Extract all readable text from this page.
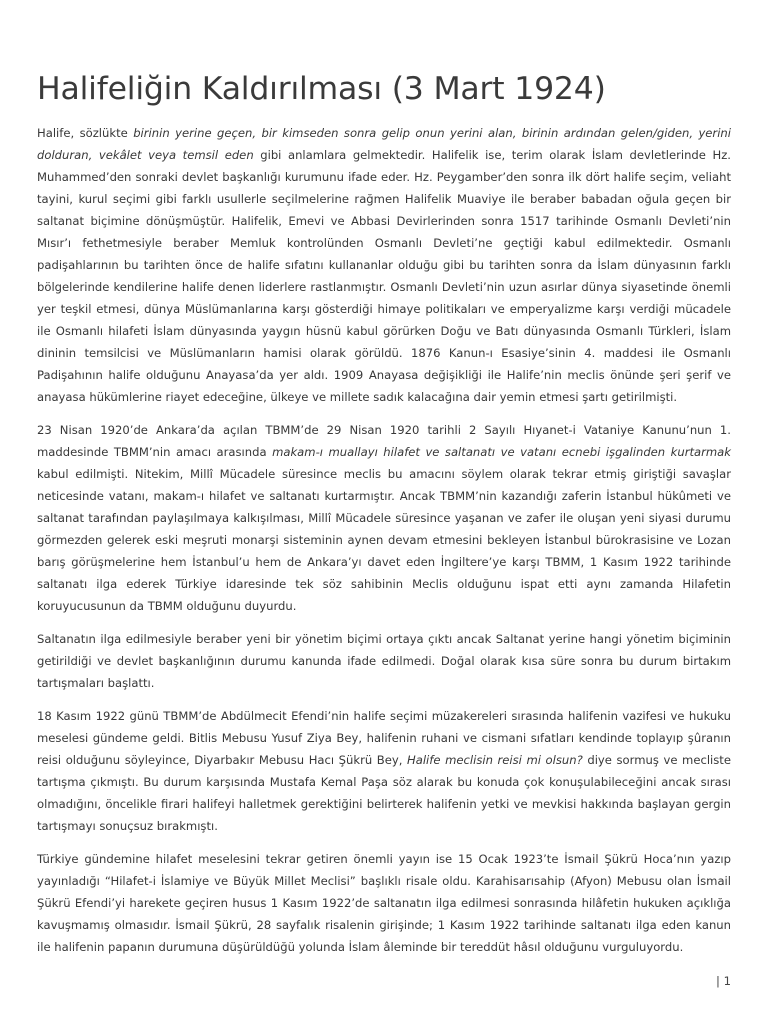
Halifeliğin Kaldırılması (3 Mart 1924)

Halife, sözlükte birinin yerine geçen, bir kimseden sonra gelip onun yerini alan, birinin ardından gelen/giden, yerini dolduran, vekâlet veya temsil eden gibi anlamlara gelmektedir. Halifelik ise, terim olarak İslam devletlerinde Hz. Muhammed’den sonraki devlet başkanlığı kurumunu ifade eder. Hz. Peygamber’den sonra ilk dört halife seçim, veliaht tayini, kurul seçimi gibi farklı usullerle seçilmelerine rağmen Halifelik Muaviye ile beraber babadan oğula geçen bir saltanat biçimine dönüşmüştür. Halifelik, Emevi ve Abbasi Devirlerinden sonra 1517 tarihinde Osmanlı Devleti’nin Mısır’ı fethetmesiyle beraber Memluk kontrolünden Osmanlı Devleti’ne geçtiği kabul edilmektedir. Osmanlı padişahlarının bu tarihten önce de halife sıfatını kullananlar olduğu gibi bu tarihten sonra da İslam dünyasının farklı bölgelerinde kendilerine halife denen liderlere rastlanmıştır. Osmanlı Devleti’nin uzun asırlar dünya siyasetinde önemli yer teşkil etmesi, dünya Müslümanlarına karşı gösterdiği himaye politikaları ve emperyalizme karşı verdiği mücadele ile Osmanlı hilafeti İslam dünyasında yaygın hüsnü kabul görürken Doğu ve Batı dünyasında Osmanlı Türkleri, İslam dininin temsilcisi ve Müslümanların hamisi olarak görüldü. 1876 Kanun-ı Esasiye’sinin 4. maddesi ile Osmanlı Padişahının halife olduğunu Anayasa’da yer aldı. 1909 Anayasa değişikliği ile Halife’nin meclis önünde şeri şerif ve anayasa hükümlerine riayet edeceğine, ülkeye ve millete sadık kalacağına dair yemin etmesi şartı getirilmişti.

23 Nisan 1920’de Ankara’da açılan TBMM’de 29 Nisan 1920 tarihli 2 Sayılı Hıyanet-i Vataniye Kanunu’nun 1. maddesinde TBMM’nin amacı arasında makam-ı muallayı hilafet ve saltanatı ve vatanı ecnebi işgalinden kurtarmak kabul edilmişti. Nitekim, Millî Mücadele süresince meclis bu amacını söylem olarak tekrar etmiş giriştiği savaşlar neticesinde vatanı, makam-ı hilafet ve saltanatı kurtarmıştır. Ancak TBMM’nin kazandığı zaferin İstanbul hükûmeti ve saltanat tarafından paylaşılmaya kalkışılması, Millî Mücadele süresince yaşanan ve zafer ile oluşan yeni siyasi durumu görmezden gelerek eski meşruti monarşi sisteminin aynen devam etmesini bekleyen İstanbul bürokrasisine ve Lozan barış görüşmelerine hem İstanbul’u hem de Ankara’yı davet eden İngiltere’ye karşı TBMM, 1 Kasım 1922 tarihinde saltanatı ilga ederek Türkiye idaresinde tek söz sahibinin Meclis olduğunu ispat etti aynı zamanda Hilafetin koruyucusunun da TBMM olduğunu duyurdu.

Saltanatın ilga edilmesiyle beraber yeni bir yönetim biçimi ortaya çıktı ancak Saltanat yerine hangi yönetim biçiminin getirildiği ve devlet başkanlığının durumu kanunda ifade edilmedi. Doğal olarak kısa süre sonra bu durum birtakım tartışmaları başlattı.

18 Kasım 1922 günü TBMM’de Abdülmecit Efendi’nin halife seçimi müzakereleri sırasında halifenin vazifesi ve hukuku meselesi gündeme geldi. Bitlis Mebusu Yusuf Ziya Bey, halifenin ruhani ve cismani sıfatları kendinde toplayıp şûranın reisi olduğunu söyleyince, Diyarbakır Mebusu Hacı Şükrü Bey, Halife meclisin reisi mi olsun? diye sormuş ve mecliste tartışma çıkmıştı. Bu durum karşısında Mustafa Kemal Paşa söz alarak bu konuda çok konuşulabileceğini ancak sırası olmadığını, öncelikle firari halifeyi halletmek gerektiğini belirterek halifenin yetki ve mevkisi hakkında başlayan gergin tartışmayı sonuçsuz bırakmıştı.

Türkiye gündemine hilafet meselesini tekrar getiren önemli yayın ise 15 Ocak 1923’te İsmail Şükrü Hoca’nın yazıp yayınladığı “Hilafet-i İslamiye ve Büyük Millet Meclisi” başlıklı risale oldu. Karahisarısahip (Afyon) Mebusu olan İsmail Şükrü Efendi’yi harekete geçiren husus 1 Kasım 1922’de saltanatın ilga edilmesi sonrasında hilâfetin hukuken açıklığa kavuşmamış olmasıdır. İsmail Şükrü, 28 sayfalık risalenin girişinde; 1 Kasım 1922 tarihinde saltanatı ilga eden kanun ile halifenin papanın durumuna düşürüldüğü yolunda İslam âleminde bir tereddüt hâsıl olduğunu vurguluyordu.

| 1
